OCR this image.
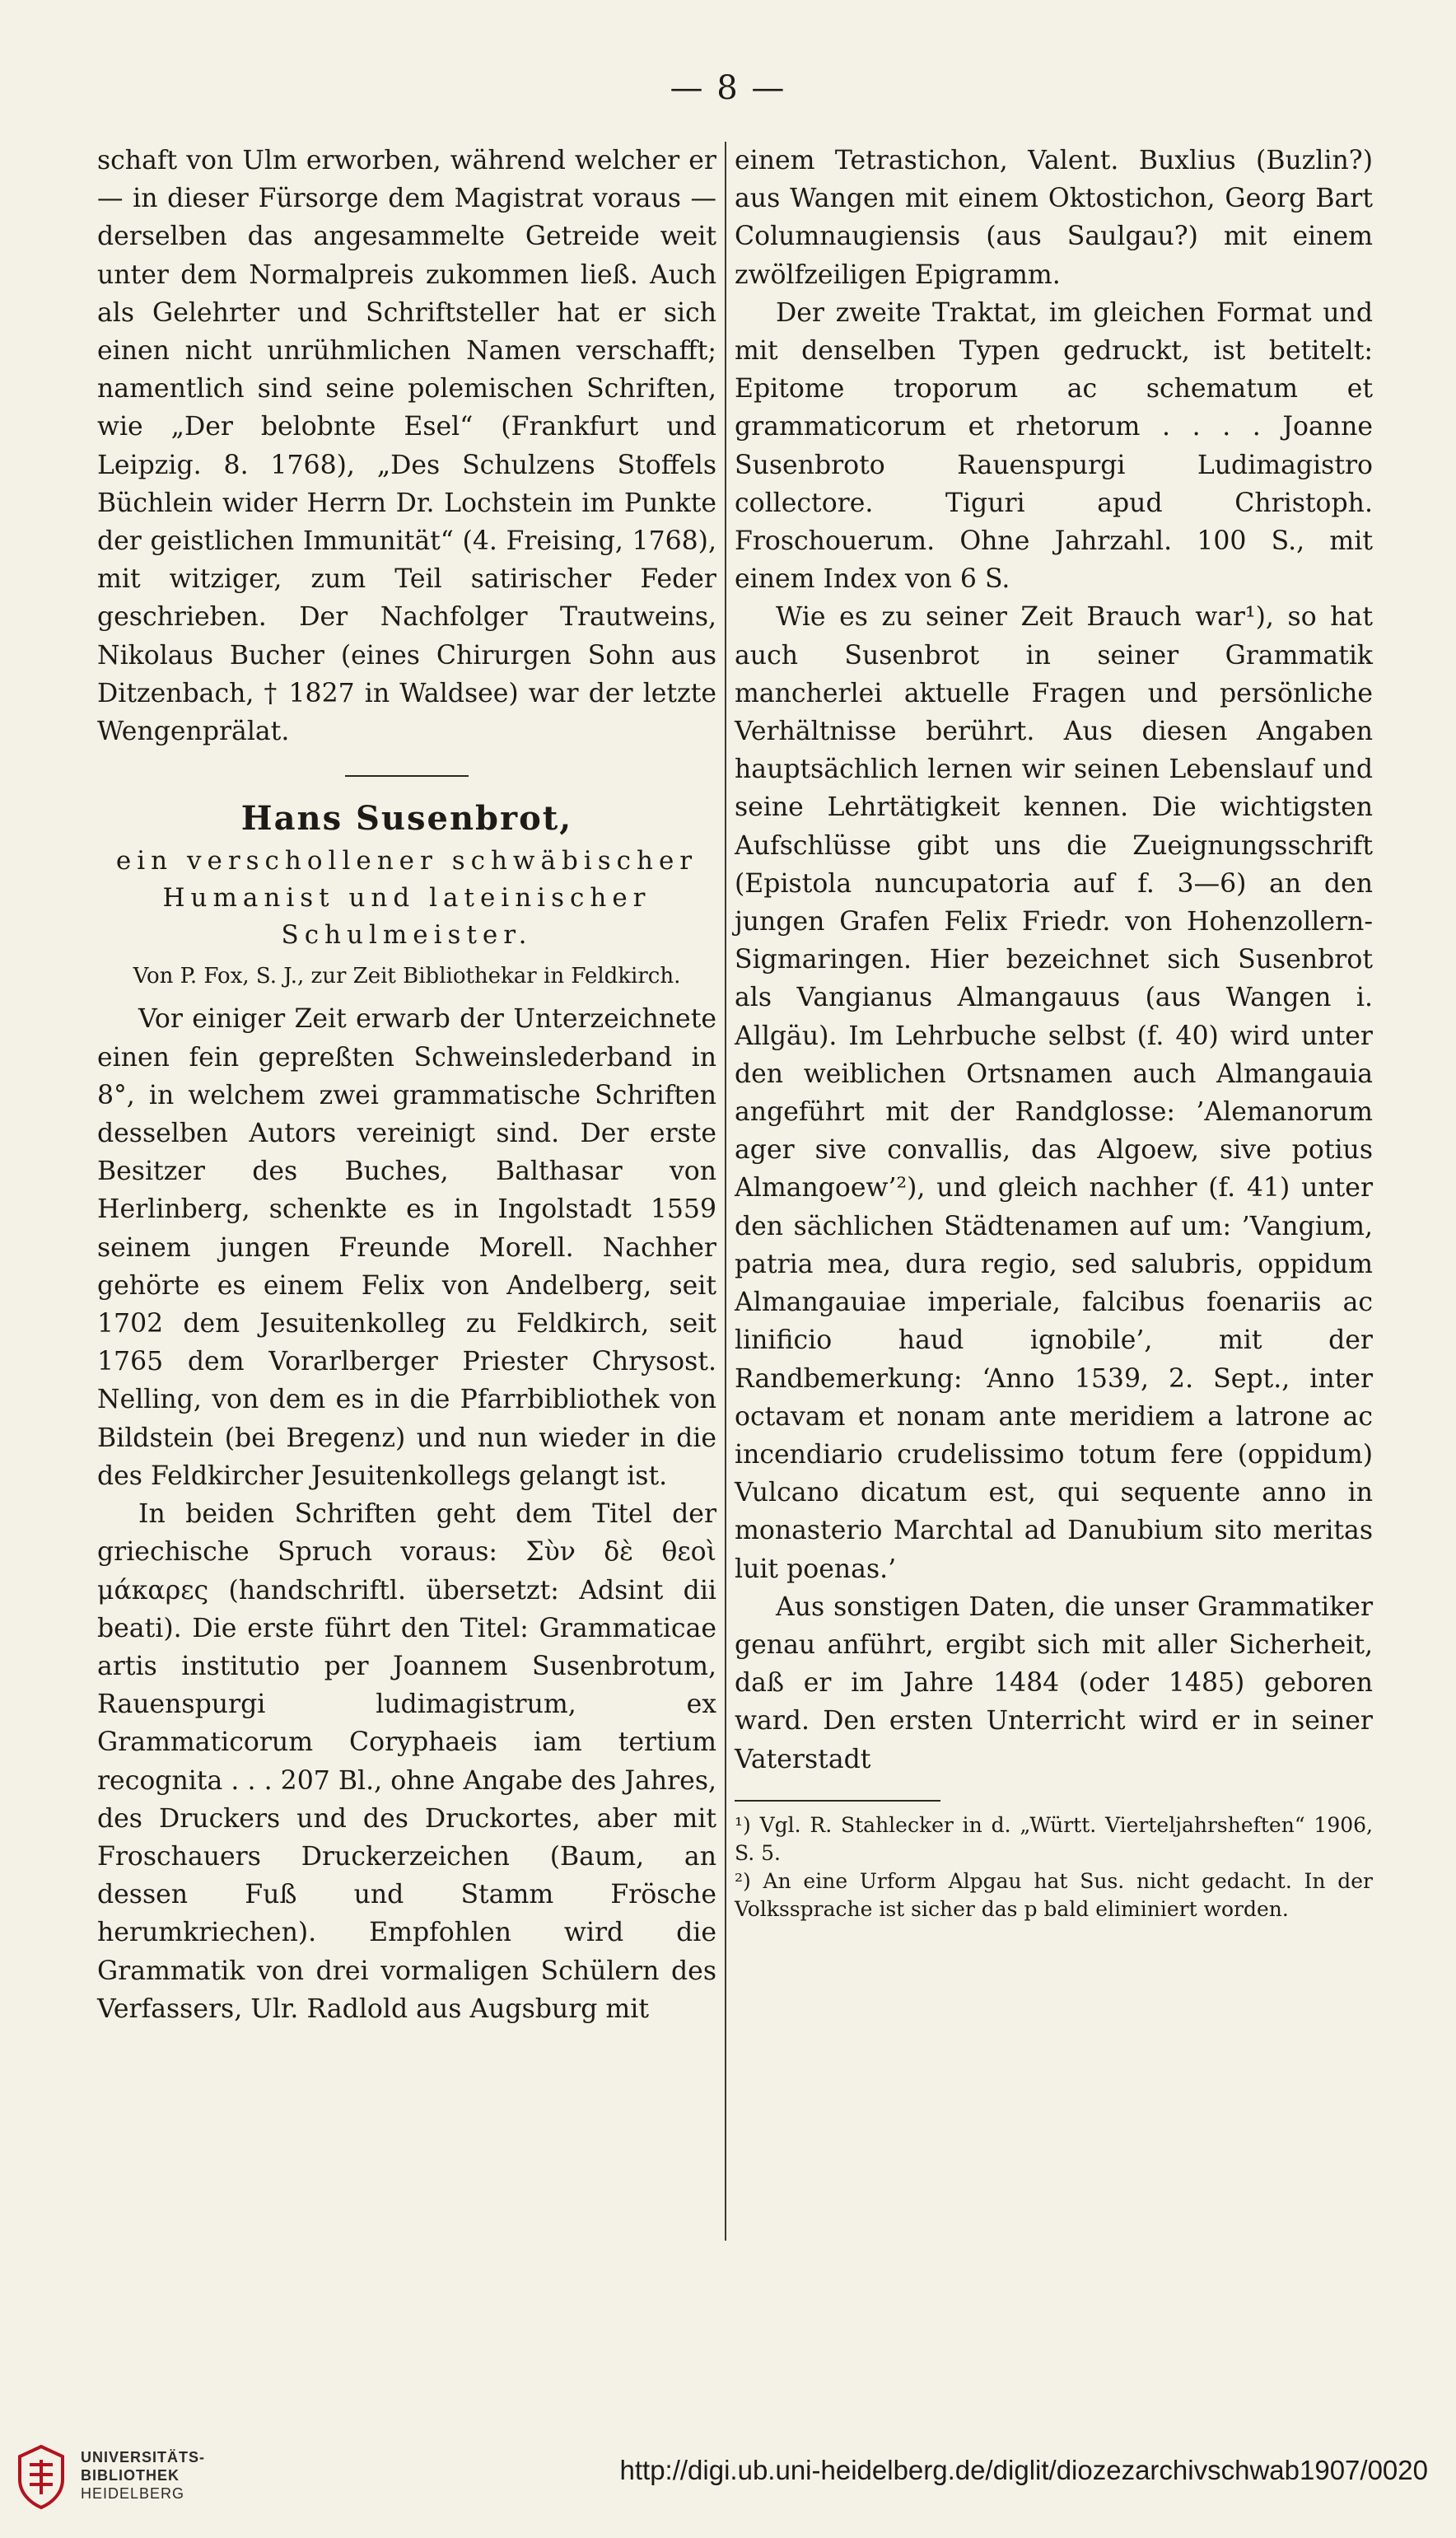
— 8 —

schaft von Ulm erworben, während welcher er — in dieser Fürsorge dem Magistrat voraus — derselben das angesammelte Getreide weit unter dem Normalpreis zukommen ließ. Auch als Gelehrter und Schriftsteller hat er sich einen nicht unrühmlichen Namen verschafft; namentlich sind seine polemischen Schriften, wie „Der belobnte Esel“ (Frankfurt und Leipzig. 8. 1768), „Des Schulzens Stoffels Büchlein wider Herrn Dr. Lochstein im Punkte der geistlichen Immunität“ (4. Freising, 1768), mit witziger, zum Teil satirischer Feder geschrieben. Der Nachfolger Trautweins, Nikolaus Bucher (eines Chirurgen Sohn aus Ditzenbach, † 1827 in Waldsee) war der letzte Wengenprälat.

Hans Susenbrot,
ein verschollener schwäbischer Humanist und lateinischer Schulmeister.
Von P. Fox, S. J., zur Zeit Bibliothekar in Feldkirch.

Vor einiger Zeit erwarb der Unterzeichnete einen fein gepreßten Schweinslederband in 8°, in welchem zwei grammatische Schriften desselben Autors vereinigt sind. Der erste Besitzer des Buches, Balthasar von Herlinberg, schenkte es in Ingolstadt 1559 seinem jungen Freunde Morell. Nachher gehörte es einem Felix von Andelberg, seit 1702 dem Jesuitenkolleg zu Feldkirch, seit 1765 dem Vorarlberger Priester Chrysost. Nelling, von dem es in die Pfarrbibliothek von Bildstein (bei Bregenz) und nun wieder in die des Feldkircher Jesuitenkollegs gelangt ist.

In beiden Schriften geht dem Titel der griechische Spruch voraus: Σὺν δὲ θεοὶ μάκαρες (handschriftl. übersetzt: Adsint dii beati). Die erste führt den Titel: Grammaticae artis institutio per Joannem Susenbrotum, Rauenspurgi ludimagistrum, ex Grammaticorum Coryphaeis iam tertium recognita . . . 207 Bl., ohne Angabe des Jahres, des Druckers und des Druckortes, aber mit Froschauers Druckerzeichen (Baum, an dessen Fuß und Stamm Frösche herumkriechen). Empfohlen wird die Grammatik von drei vormaligen Schülern des Verfassers, Ulr. Radlold aus Augsburg mit

einem Tetrastichon, Valent. Buxlius (Buzlin?) aus Wangen mit einem Oktostichon, Georg Bart Columnaugiensis (aus Saulgau?) mit einem zwölfzeiligen Epigramm.

Der zweite Traktat, im gleichen Format und mit denselben Typen gedruckt, ist betitelt: Epitome troporum ac schematum et grammaticorum et rhetorum . . . . Joanne Susenbroto Rauenspurgi Ludimagistro collectore. Tiguri apud Christoph. Froschouerum. Ohne Jahrzahl. 100 S., mit einem Index von 6 S.

Wie es zu seiner Zeit Brauch war¹), so hat auch Susenbrot in seiner Grammatik mancherlei aktuelle Fragen und persönliche Verhältnisse berührt. Aus diesen Angaben hauptsächlich lernen wir seinen Lebenslauf und seine Lehrtätigkeit kennen. Die wichtigsten Aufschlüsse gibt uns die Zueignungsschrift (Epistola nuncupatoria auf f. 3—6) an den jungen Grafen Felix Friedr. von Hohenzollern-Sigmaringen. Hier bezeichnet sich Susenbrot als Vangianus Almangauus (aus Wangen i. Allgäu). Im Lehrbuche selbst (f. 40) wird unter den weiblichen Ortsnamen auch Almangauia angeführt mit der Randglosse: ’Alemanorum ager sive convallis, das Algoew, sive potius Almangoew’²), und gleich nachher (f. 41) unter den sächlichen Städtenamen auf um: ’Vangium, patria mea, dura regio, sed salubris, oppidum Almangauiae imperiale, falcibus foenariis ac linificio haud ignobile’, mit der Randbemerkung: ‘Anno 1539, 2. Sept., inter octavam et nonam ante meridiem a latrone ac incendiario crudelissimo totum fere (oppidum) Vulcano dicatum est, qui sequente anno in monasterio Marchtal ad Danubium sito meritas luit poenas.’

Aus sonstigen Daten, die unser Grammatiker genau anführt, ergibt sich mit aller Sicherheit, daß er im Jahre 1484 (oder 1485) geboren ward. Den ersten Unterricht wird er in seiner Vaterstadt

¹) Vgl. R. Stahlecker in d. „Württ. Vierteljahrsheften“ 1906, S. 5.

²) An eine Urform Alpgau hat Sus. nicht gedacht. In der Volkssprache ist sicher das p bald eliminiert worden.

UNIVERSITÄTS-
BIBLIOTHEK
HEIDELBERG
http://digi.ub.uni-heidelberg.de/diglit/diozezarchivschwab1907/0020
